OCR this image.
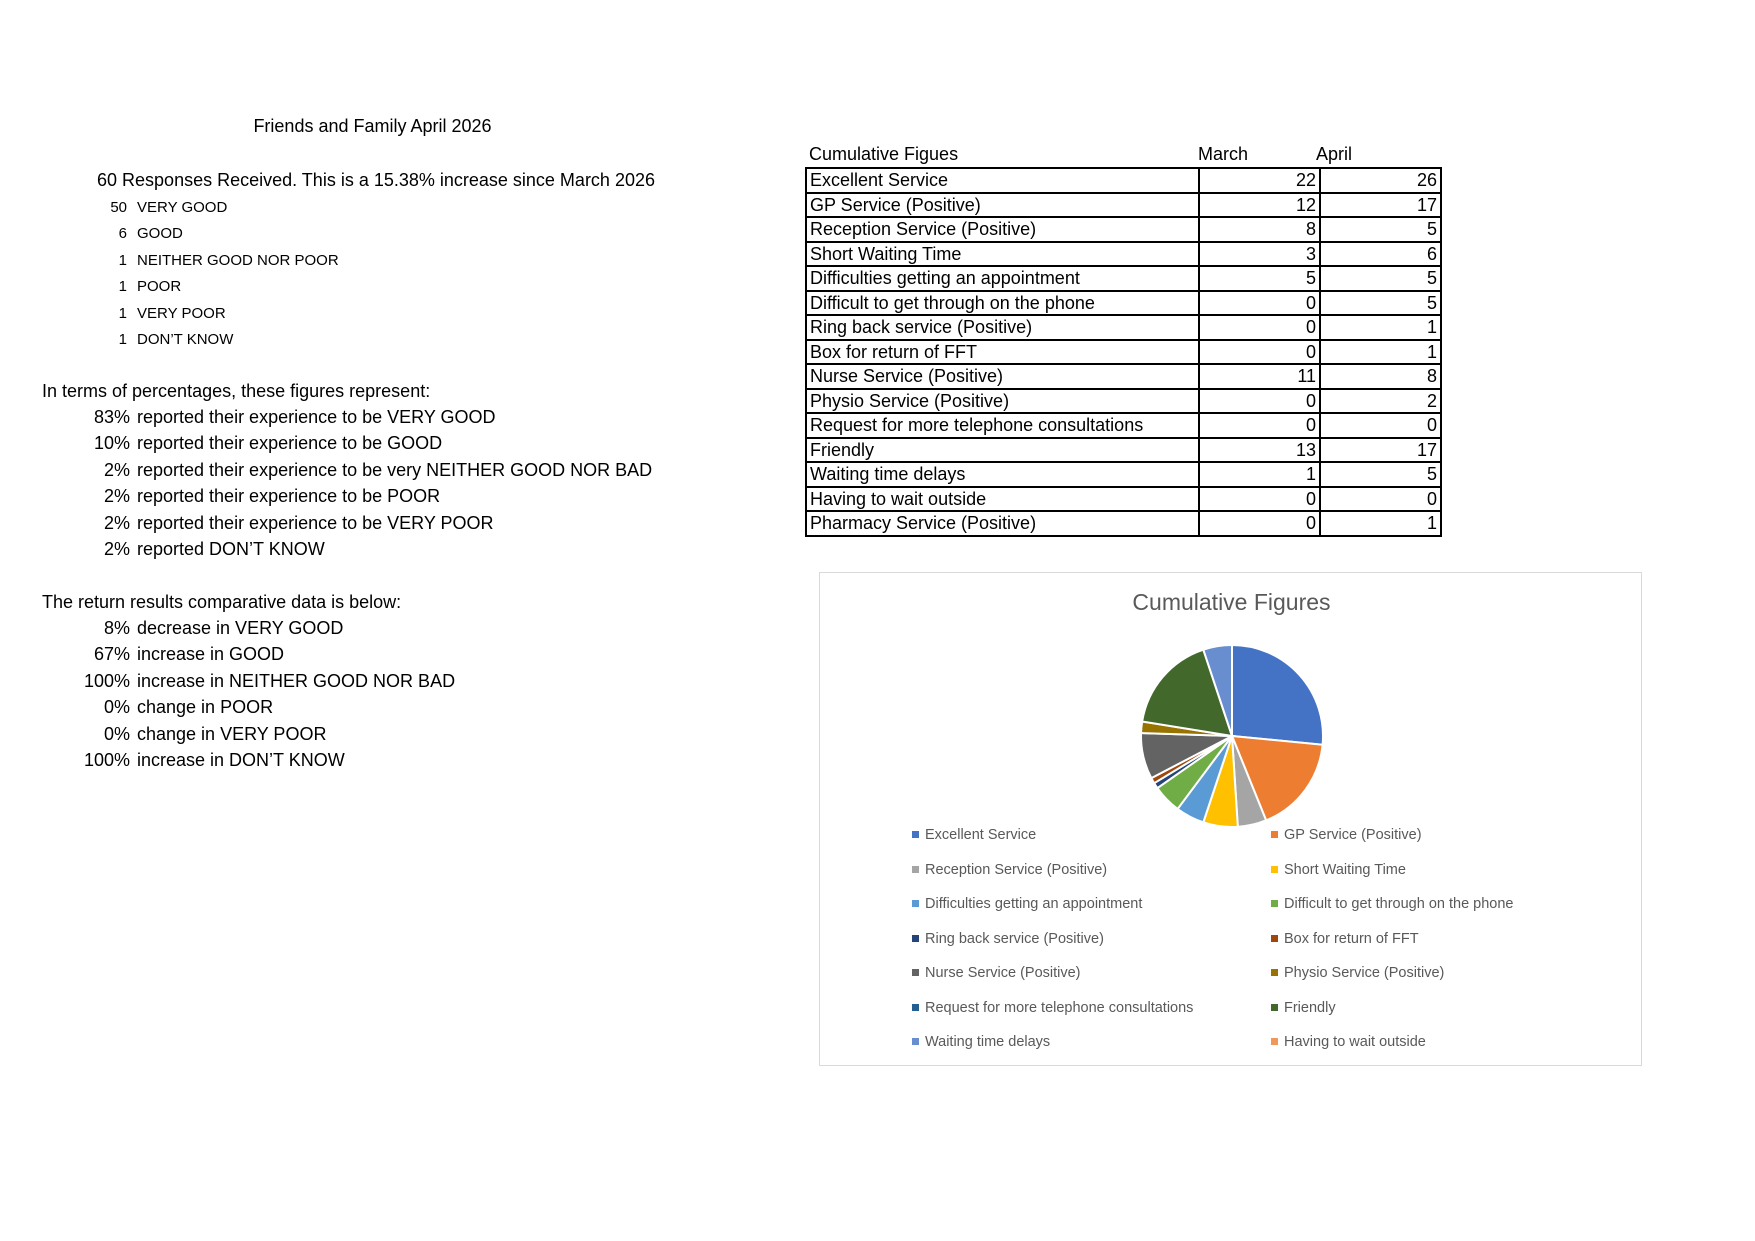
Friends and Family April 2026
60 Responses Received. This is a 15.38% increase since March 2026
50 VERY GOOD
6 GOOD
1 NEITHER GOOD NOR POOR
1 POOR
1 VERY POOR
1 DON’T KNOW
In terms of percentages, these figures represent:
83% reported their experience to be VERY GOOD
10% reported their experience to be GOOD
2% reported their experience to be very NEITHER GOOD NOR BAD
2% reported their experience to be POOR
2% reported their experience to be VERY POOR
2% reported DON’T KNOW
The return results comparative data is below:
8% decrease in VERY GOOD
67% increase in GOOD
100% increase in NEITHER GOOD NOR BAD
0% change in POOR
0% change in VERY POOR
100% increase in DON’T KNOW
Cumulative Figues	March	April
Excellent Service	22	26
GP Service (Positive)	12	17
Reception Service (Positive)	8	5
Short Waiting Time	3	6
Difficulties getting an appointment	5	5
Difficult to get through on the phone	0	5
Ring back service (Positive)	0	1
Box for return of FFT	0	1
Nurse Service (Positive)	11	8
Physio Service (Positive)	0	2
Request for more telephone consultations	0	0
Friendly	13	17
Waiting time delays	1	5
Having to wait outside	0	0
Pharmacy Service (Positive)	0	1
Cumulative Figures
Excellent Service	GP Service (Positive)
Reception Service (Positive)	Short Waiting Time
Difficulties getting an appointment	Difficult to get through on the phone
Ring back service (Positive)	Box for return of FFT
Nurse Service (Positive)	Physio Service (Positive)
Request for more telephone consultations	Friendly
Waiting time delays	Having to wait outside
